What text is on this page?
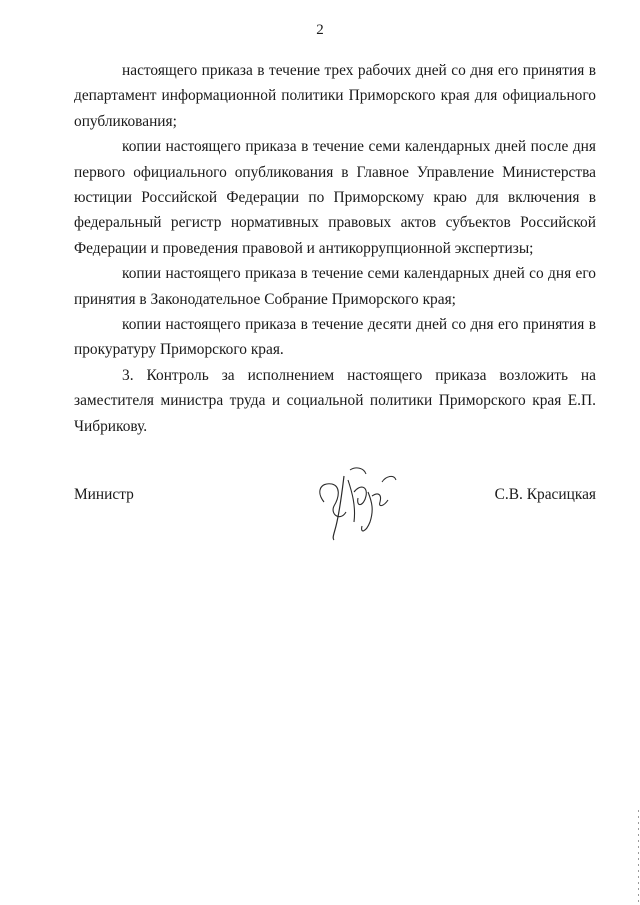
2

настоящего приказа в течение трех рабочих дней со дня его принятия в департамент информационной политики Приморского края для официального опубликования;

копии настоящего приказа в течение семи календарных дней после дня первого официального опубликования в Главное Управление Министерства юстиции Российской Федерации по Приморскому краю для включения в федеральный регистр нормативных правовых актов субъектов Российской Федерации и проведения правовой и антикоррупционной экспертизы;

копии настоящего приказа в течение семи календарных дней со дня его принятия в Законодательное Собрание Приморского края;

копии настоящего приказа в течение десяти дней со дня его принятия в прокуратуру Приморского края.

3. Контроль за исполнением настоящего приказа возложить на заместителя министра труда и социальной политики Приморского края Е.П. Чибрикову.

Министр	С.В. Красицкая
